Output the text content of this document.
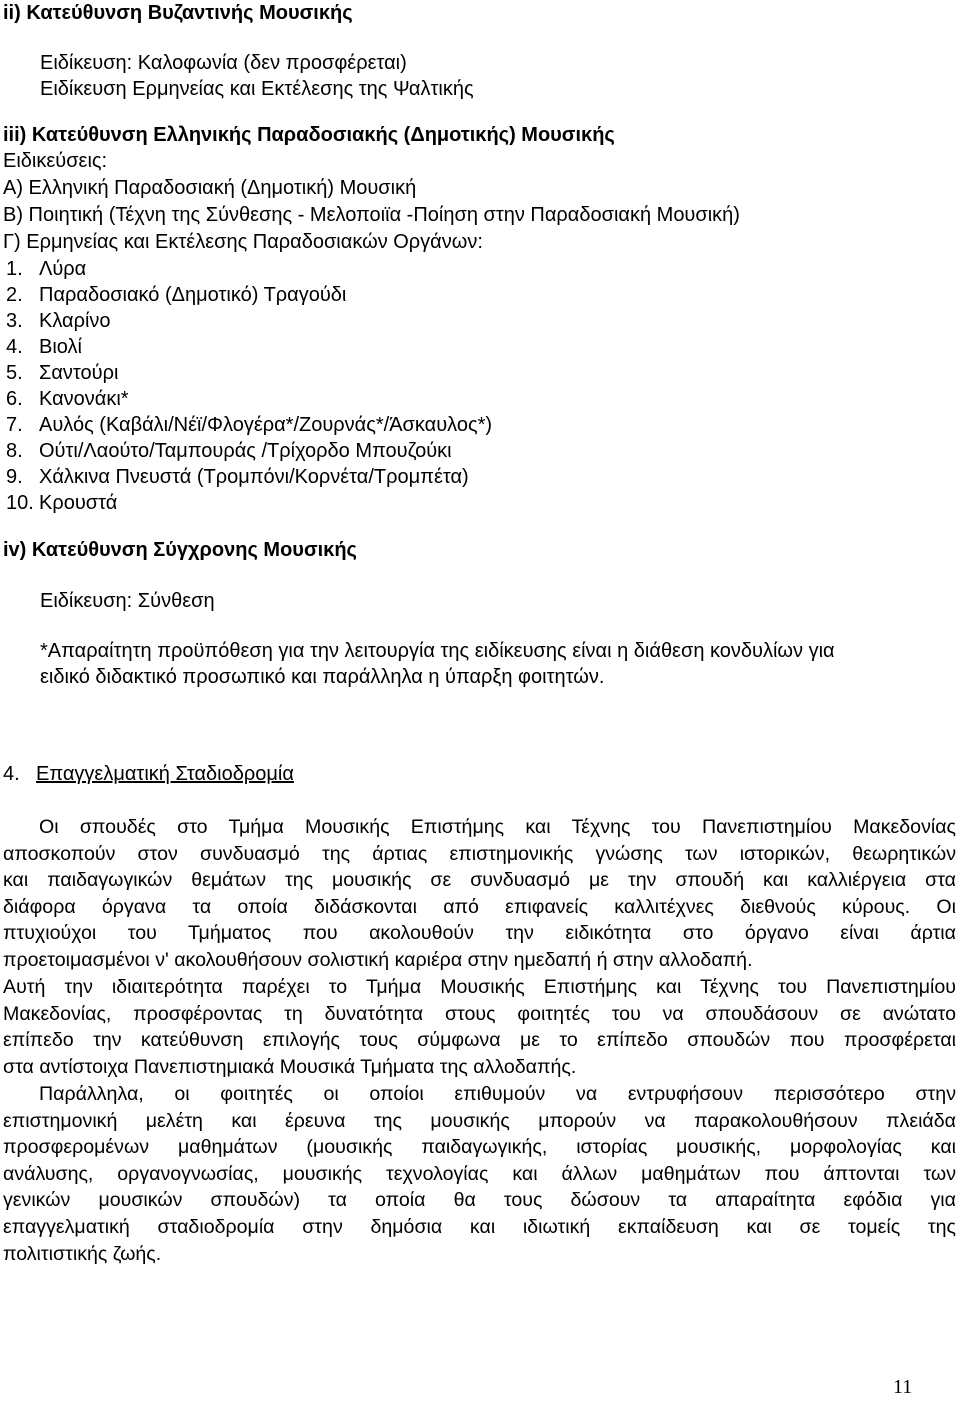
ii) Κατεύθυνση Βυζαντινής Μουσικής
Ειδίκευση: Καλοφωνία (δεν προσφέρεται)
Ειδίκευση Ερμηνείας και Εκτέλεσης της Ψαλτικής
iii) Κατεύθυνση Ελληνικής Παραδοσιακής (Δημοτικής) Μουσικής
Ειδικεύσεις:
Α) Ελληνική Παραδοσιακή (Δημοτική) Μουσική
Β) Ποιητική (Τέχνη της Σύνθεσης - Μελοποιϊα -Ποίηση στην Παραδοσιακή Μουσική)
Γ) Ερμηνείας και Εκτέλεσης Παραδοσιακών Οργάνων:
1. Λύρα
2. Παραδοσιακό (Δημοτικό) Τραγούδι
3. Κλαρίνο
4. Βιολί
5. Σαντούρι
6. Κανονάκι*
7. Αυλός (Καβάλι/Νέϊ/Φλογέρα*/Ζουρνάς*/Άσκαυλος*)
8. Ούτι/Λαούτο/Ταμπουράς /Τρίχορδο Μπουζούκι
9. Χάλκινα Πνευστά (Τρομπόνι/Κορνέτα/Τρομπέτα)
10. Κρουστά
iv) Κατεύθυνση Σύγχρονης Μουσικής
Ειδίκευση: Σύνθεση
*Απαραίτητη προϋπόθεση για την λειτουργία της ειδίκευσης είναι η διάθεση κονδυλίων για
ειδικό διδακτικό προσωπικό και παράλληλα η ύπαρξη φοιτητών.
4. Επαγγελματική Σταδιοδρομία
Οι σπουδές στο Τμήμα Μουσικής Επιστήμης και Τέχνης του Πανεπιστημίου Μακεδονίας
αποσκοπούν στον συνδυασμό της άρτιας επιστημονικής γνώσης των ιστορικών, θεωρητικών
και παιδαγωγικών θεμάτων της μουσικής σε συνδυασμό με την σπουδή και καλλιέργεια στα
διάφορα όργανα τα οποία διδάσκονται από επιφανείς καλλιτέχνες διεθνούς κύρους. Οι
πτυχιούχοι του Τμήματος που ακολουθούν την ειδικότητα στο όργανο είναι άρτια
προετοιμασμένοι ν' ακολουθήσουν σολιστική καριέρα στην ημεδαπή ή στην αλλοδαπή.
Αυτή την ιδιαιτερότητα παρέχει το Τμήμα Μουσικής Επιστήμης και Τέχνης του Πανεπιστημίου
Μακεδονίας, προσφέροντας τη δυνατότητα στους φοιτητές του να σπουδάσουν σε ανώτατο
επίπεδο την κατεύθυνση επιλογής τους σύμφωνα με το επίπεδο σπουδών που προσφέρεται
στα αντίστοιχα Πανεπιστημιακά Μουσικά Τμήματα της αλλοδαπής.
Παράλληλα, οι φοιτητές οι οποίοι επιθυμούν να εντρυφήσουν περισσότερο στην
επιστημονική μελέτη και έρευνα της μουσικής μπορούν να παρακολουθήσουν πλειάδα
προσφερομένων μαθημάτων (μουσικής παιδαγωγικής, ιστορίας μουσικής, μορφολογίας και
ανάλυσης, οργανογνωσίας, μουσικής τεχνολογίας και άλλων μαθημάτων που άπτονται των
γενικών μουσικών σπουδών) τα οποία θα τους δώσουν τα απαραίτητα εφόδια για
επαγγελματική σταδιοδρομία στην δημόσια και ιδιωτική εκπαίδευση και σε τομείς της
πολιτιστικής ζωής.
11
